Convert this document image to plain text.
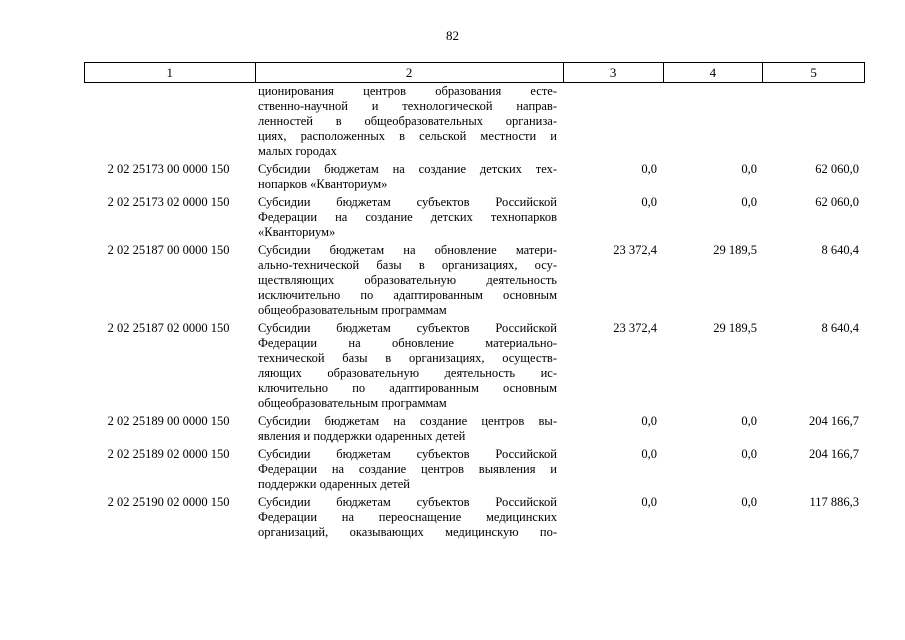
82
1	2	3	4	5
ционирования центров образования есте-
ственно-научной и технологической направ-
ленностей в общеобразовательных организа-
циях, расположенных в сельской местности и
малых городах
2 02 25173 00 0000 150	Субсидии бюджетам на создание детских тех-
нопарков «Кванториум»
0,0	0,0	62 060,0
2 02 25173 02 0000 150	Субсидии бюджетам субъектов Российской
Федерации на создание детских технопарков
«Кванториум»
0,0	0,0	62 060,0
2 02 25187 00 0000 150	Субсидии бюджетам на обновление матери-
ально-технической базы в организациях, осу-
ществляющих образовательную деятельность
исключительно по адаптированным основным
общеобразовательным программам
23 372,4	29 189,5	8 640,4
2 02 25187 02 0000 150	Субсидии бюджетам субъектов Российской
Федерации на обновление материально-
технической базы в организациях, осуществ-
ляющих образовательную деятельность ис-
ключительно по адаптированным основным
общеобразовательным программам
23 372,4	29 189,5	8 640,4
2 02 25189 00 0000 150	Субсидии бюджетам на создание центров вы-
явления и поддержки одаренных детей
0,0	0,0	204 166,7
2 02 25189 02 0000 150	Субсидии бюджетам субъектов Российской
Федерации на создание центров выявления и
поддержки одаренных детей
0,0	0,0	204 166,7
2 02 25190 02 0000 150	Субсидии бюджетам субъектов Российской
Федерации на переоснащение медицинских
организаций, оказывающих медицинскую по-
0,0	0,0	117 886,3
